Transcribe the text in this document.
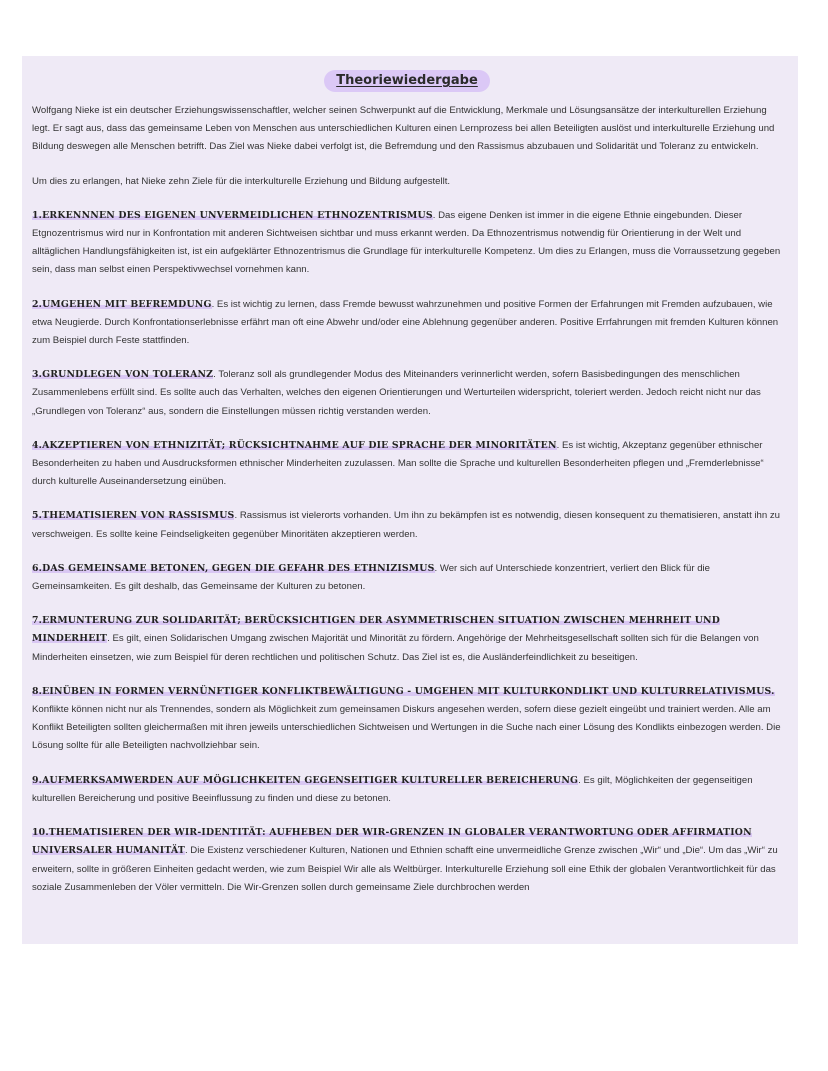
Theoriewiedergabe

Wolfgang Nieke ist ein deutscher Erziehungswissenschaftler, welcher seinen Schwerpunkt auf die Entwicklung, Merkmale und Lösungsansätze der interkulturellen Erziehung legt. Er sagt aus, dass das gemeinsame Leben von Menschen aus unterschiedlichen Kulturen einen Lernprozess bei allen Beteiligten auslöst und interkulturelle Erziehung und Bildung deswegen alle Menschen betrifft. Das Ziel was Nieke dabei verfolgt ist, die Befremdung und den Rassismus abzubauen und Solidarität und Toleranz zu entwickeln.

Um dies zu erlangen, hat Nieke zehn Ziele für die interkulturelle Erziehung und Bildung aufgestellt.

1.ERKENNNEN DES EIGENEN UNVERMEIDLICHEN ETHNOZENTRISMUS. Das eigene Denken ist immer in die eigene Ethnie eingebunden. Dieser Etgnozentrismus wird nur in Konfrontation mit anderen Sichtweisen sichtbar und muss erkannt werden. Da Ethnozentrismus notwendig für Orientierung in der Welt und alltäglichen Handlungsfähigkeiten ist, ist ein aufgeklärter Ethnozentrismus die Grundlage für interkulturelle Kompetenz. Um dies zu Erlangen, muss die Vorraussetzung gegeben sein, dass man selbst einen Perspektivwechsel vornehmen kann.
2.UMGEHEN MIT BEFREMDUNG. Es ist wichtig zu lernen, dass Fremde bewusst wahrzunehmen und positive Formen der Erfahrungen mit Fremden aufzubauen, wie etwa Neugierde. Durch Konfrontationserlebnisse erfährt man oft eine Abwehr und/oder eine Ablehnung gegenüber anderen. Positive Errfahrungen mit fremden Kulturen können zum Beispiel durch Feste stattfinden.
3.GRUNDLEGEN VON TOLERANZ. Toleranz soll als grundlegender Modus des Miteinanders verinnerlicht werden, sofern Basisbedingungen des menschlichen Zusammenlebens erfüllt sind. Es sollte auch das Verhalten, welches den eigenen Orientierungen und Werturteilen widerspricht, toleriert werden. Jedoch reicht nicht nur das „Grundlegen von Toleranz“ aus, sondern die Einstellungen müssen richtig verstanden werden.
4.AKZEPTIEREN VON ETHNIZITÄT; RÜCKSICHTNAHME AUF DIE SPRACHE DER MINORITÄTEN. Es ist wichtig, Akzeptanz gegenüber ethnischer Besonderheiten zu haben und Ausdrucksformen ethnischer Minderheiten zuzulassen. Man sollte die Sprache und kulturellen Besonderheiten pflegen und „Fremderlebnisse“ durch kulturelle Auseinandersetzung einüben.
5.THEMATISIEREN VON RASSISMUS. Rassismus ist vielerorts vorhanden. Um ihn zu bekämpfen ist es notwendig, diesen konsequent zu thematisieren, anstatt ihn zu verschweigen. Es sollte keine Feindseligkeiten gegenüber Minoritäten akzeptieren werden.
6.DAS GEMEINSAME BETONEN, GEGEN DIE GEFAHR DES ETHNIZISMUS. Wer sich auf Unterschiede konzentriert, verliert den Blick für die Gemeinsamkeiten. Es gilt deshalb, das Gemeinsame der Kulturen zu betonen.
7.ERMUNTERUNG ZUR SOLIDARITÄT; BERÜCKSICHTIGEN DER ASYMMETRISCHEN SITUATION ZWISCHEN MEHRHEIT UND MINDERHEIT. Es gilt, einen Solidarischen Umgang zwischen Majorität und Minorität zu fördern. Angehörige der Mehrheitsgesellschaft sollten sich für die Belangen von Minderheiten einsetzen, wie zum Beispiel für deren rechtlichen und politischen Schutz. Das Ziel ist es, die Ausländerfeindlichkeit zu beseitigen.
8.EINÜBEN IN FORMEN VERNÜNFTIGER KONFLIKTBEWÄLTIGUNG - UMGEHEN MIT KULTURKONDLIKT UND KULTURRELATIVISMUS. Konflikte können nicht nur als Trennendes, sondern als Möglichkeit zum gemeinsamen Diskurs angesehen werden, sofern diese gezielt eingeübt und trainiert werden. Alle am Konflikt Beteiligten sollten gleichermaßen mit ihren jeweils unterschiedlichen Sichtweisen und Wertungen in die Suche nach einer Lösung des Kondlikts einbezogen werden. Die Lösung sollte für alle Beteiligten nachvollziehbar sein.
9.AUFMERKSAMWERDEN AUF MÖGLICHKEITEN GEGENSEITIGER KULTURELLER BEREICHERUNG. Es gilt, Möglichkeiten der gegenseitigen kulturellen Bereicherung und positive Beeinflussung zu finden und diese zu betonen.
10.THEMATISIEREN DER WIR-IDENTITÄT: AUFHEBEN DER WIR-GRENZEN IN GLOBALER VERANTWORTUNG ODER AFFIRMATION UNIVERSALER HUMANITÄT. Die Existenz verschiedener Kulturen, Nationen und Ethnien schafft eine unvermeidliche Grenze zwischen „Wir“ und „Die“. Um das „Wir“ zu erweitern, sollte in größeren Einheiten gedacht werden, wie zum Beispiel Wir alle als Weltbürger. Interkulturelle Erziehung soll eine Ethik der globalen Verantwortlichkeit für das soziale Zusammenleben der Völer vermitteln. Die Wir-Grenzen sollen durch gemeinsame Ziele durchbrochen werden
